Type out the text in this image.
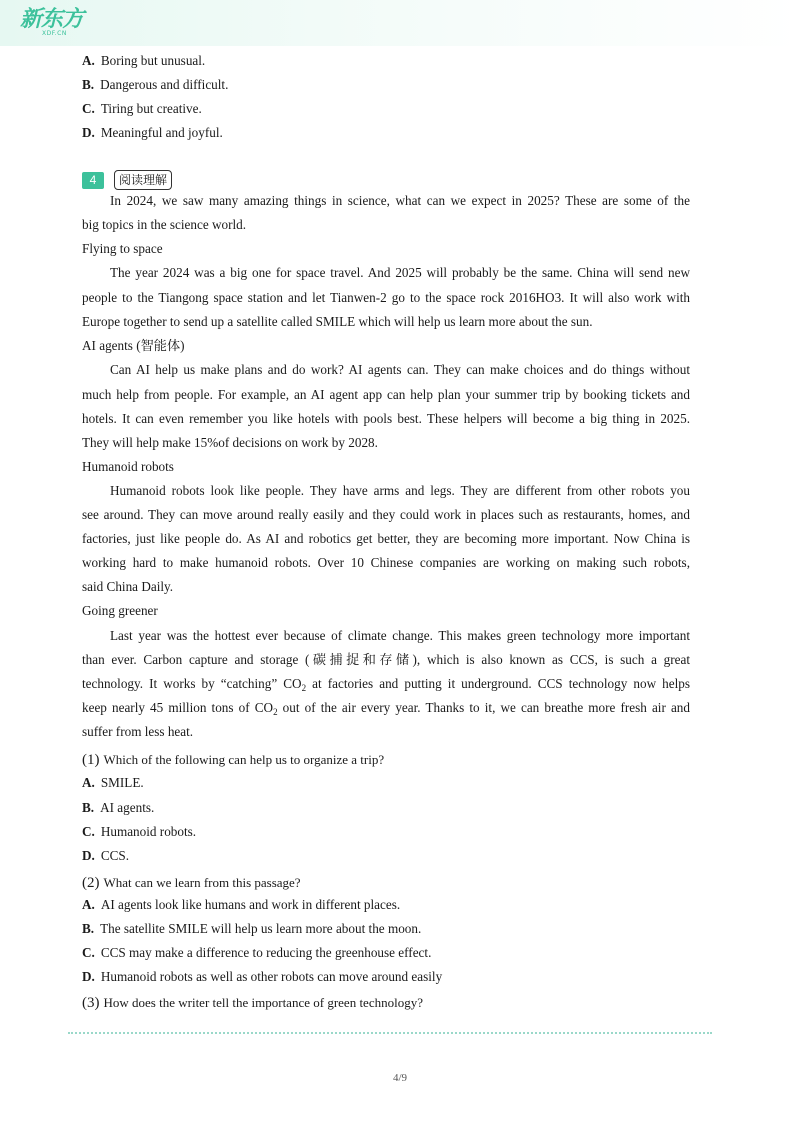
新东方
XDF.CN
A. Boring but unusual.
B. Dangerous and difficult.
C. Tiring but creative.
D. Meaningful and joyful.
4	阅读理解
In 2024, we saw many amazing things in science, what can we expect in 2025? These are some of the
big topics in the science world.
Flying to space
The year 2024 was a big one for space travel. And 2025 will probably be the same. China will send new
people to the Tiangong space station and let Tianwen-2 go to the space rock 2016HO3. It will also work with
Europe together to send up a satellite called SMILE which will help us learn more about the sun.
AI agents (智能体)
Can AI help us make plans and do work? AI agents can. They can make choices and do things without
much help from people. For example, an AI agent app can help plan your summer trip by booking tickets and
hotels. It can even remember you like hotels with pools best. These helpers will become a big thing in 2025.
They will help make 15%of decisions on work by 2028.
Humanoid robots
Humanoid robots look like people. They have arms and legs. They are different from other robots you
see around. They can move around really easily and they could work in places such as restaurants, homes, and
factories, just like people do. As AI and robotics get better, they are becoming more important. Now China is
working hard to make humanoid robots. Over 10 Chinese companies are working on making such robots,
said China Daily.
Going greener
Last year was the hottest ever because of climate change. This makes green technology more important
than ever. Carbon capture and storage (碳捕捉和存储), which is also known as CCS, is such a great
technology. It works by “catching” $CO_2$ at factories and putting it underground. CCS technology now helps
keep nearly 45 million tons of $CO_2$ out of the air every year. Thanks to it, we can breathe more fresh air and
suffer from less heat.
(1) Which of the following can help us to organize a trip?
A. SMILE.
B. AI agents.
C. Humanoid robots.
D. CCS.
(2) What can we learn from this passage?
A. AI agents look like humans and work in different places.
B. The satellite SMILE will help us learn more about the moon.
C. CCS may make a difference to reducing the greenhouse effect.
D. Humanoid robots as well as other robots can move around easily
(3) How does the writer tell the importance of green technology?
4/9
